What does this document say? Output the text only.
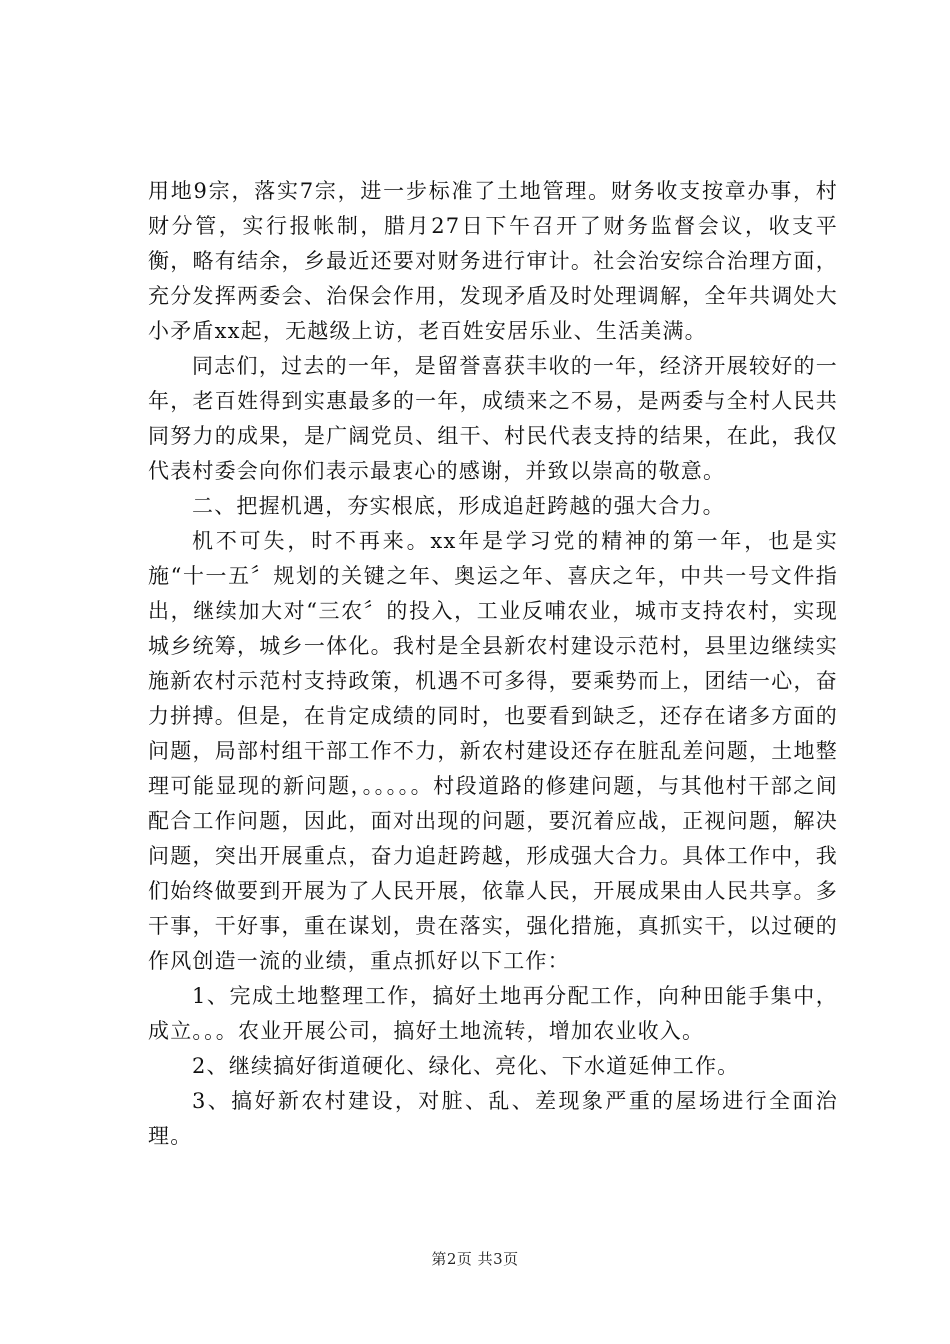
用地9宗，落实7宗，进一步标准了土地管理。财务收支按章办事，村财分管，实行报帐制，腊月27日下午召开了财务监督会议，收支平衡，略有结余，乡最近还要对财务进行审计。社会治安综合治理方面，充分发挥两委会、治保会作用，发现矛盾及时处理调解，全年共调处大小矛盾xx起，无越级上访，老百姓安居乐业、生活美满。

同志们，过去的一年，是留誉喜获丰收的一年，经济开展较好的一年，老百姓得到实惠最多的一年，成绩来之不易，是两委与全村人民共同努力的成果，是广阔党员、组干、村民代表支持的结果，在此，我仅代表村委会向你们表示最衷心的感谢，并致以崇高的敬意。

二、把握机遇，夯实根底，形成追赶跨越的强大合力。

机不可失，时不再来。xx年是学习党的精神的第一年，也是实施“十一五〞规划的关键之年、奥运之年、喜庆之年，中共一号文件指出，继续加大对“三农〞的投入，工业反哺农业，城市支持农村，实现城乡统筹，城乡一体化。我村是全县新农村建设示范村，县里边继续实施新农村示范村支持政策，机遇不可多得，要乘势而上，团结一心，奋力拼搏。但是，在肯定成绩的同时，也要看到缺乏，还存在诸多方面的问题，局部村组干部工作不力，新农村建设还存在脏乱差问题，土地整理可能显现的新问题，。。。。。村段道路的修建问题，与其他村干部之间配合工作问题，因此，面对出现的问题，要沉着应战，正视问题，解决问题，突出开展重点，奋力追赶跨越，形成强大合力。具体工作中，我们始终做要到开展为了人民开展，依靠人民，开展成果由人民共享。多干事，干好事，重在谋划，贵在落实，强化措施，真抓实干，以过硬的作风创造一流的业绩，重点抓好以下工作：

1、完成土地整理工作，搞好土地再分配工作，向种田能手集中，成立。。。农业开展公司，搞好土地流转，增加农业收入。

2、继续搞好街道硬化、绿化、亮化、下水道延伸工作。

3、搞好新农村建设，对脏、乱、差现象严重的屋场进行全面治理。

第2页 共3页
